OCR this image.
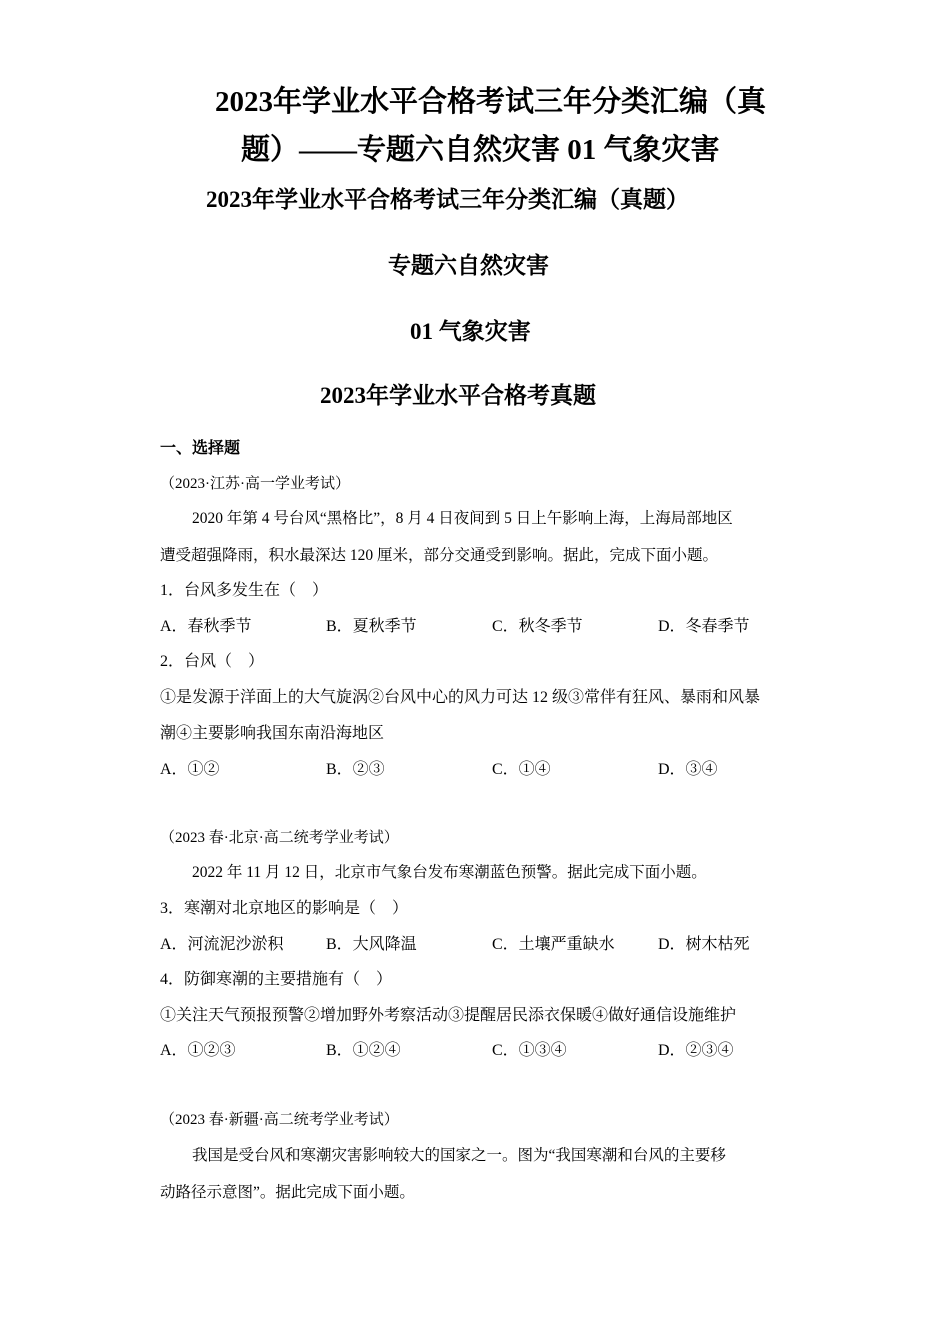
2023年学业水平合格考试三年分类汇编（真
题）——专题六自然灾害 01 气象灾害
2023年学业水平合格考试三年分类汇编（真题）
专题六自然灾害
01 气象灾害
2023年学业水平合格考真题
一、选择题
（2023·江苏·高一学业考试）
2020 年第 4 号台风“黑格比”，8 月 4 日夜间到 5 日上午影响上海，上海局部地区
遭受超强降雨，积水最深达 120 厘米，部分交通受到影响。据此，完成下面小题。
1．台风多发生在（　）
A．春秋季节	B．夏秋季节	C．秋冬季节	D．冬春季节
2．台风（　）
①是发源于洋面上的大气旋涡②台风中心的风力可达 12 级③常伴有狂风、暴雨和风暴
潮④主要影响我国东南沿海地区
A．①②	B．②③	C．①④	D．③④
（2023 春·北京·高二统考学业考试）
2022 年 11 月 12 日，北京市气象台发布寒潮蓝色预警。据此完成下面小题。
3．寒潮对北京地区的影响是（　）
A．河流泥沙淤积	B．大风降温	C．土壤严重缺水	D．树木枯死
4．防御寒潮的主要措施有（　）
①关注天气预报预警②增加野外考察活动③提醒居民添衣保暖④做好通信设施维护
A．①②③	B．①②④	C．①③④	D．②③④
（2023 春·新疆·高二统考学业考试）
我国是受台风和寒潮灾害影响较大的国家之一。图为“我国寒潮和台风的主要移
动路径示意图”。据此完成下面小题。
